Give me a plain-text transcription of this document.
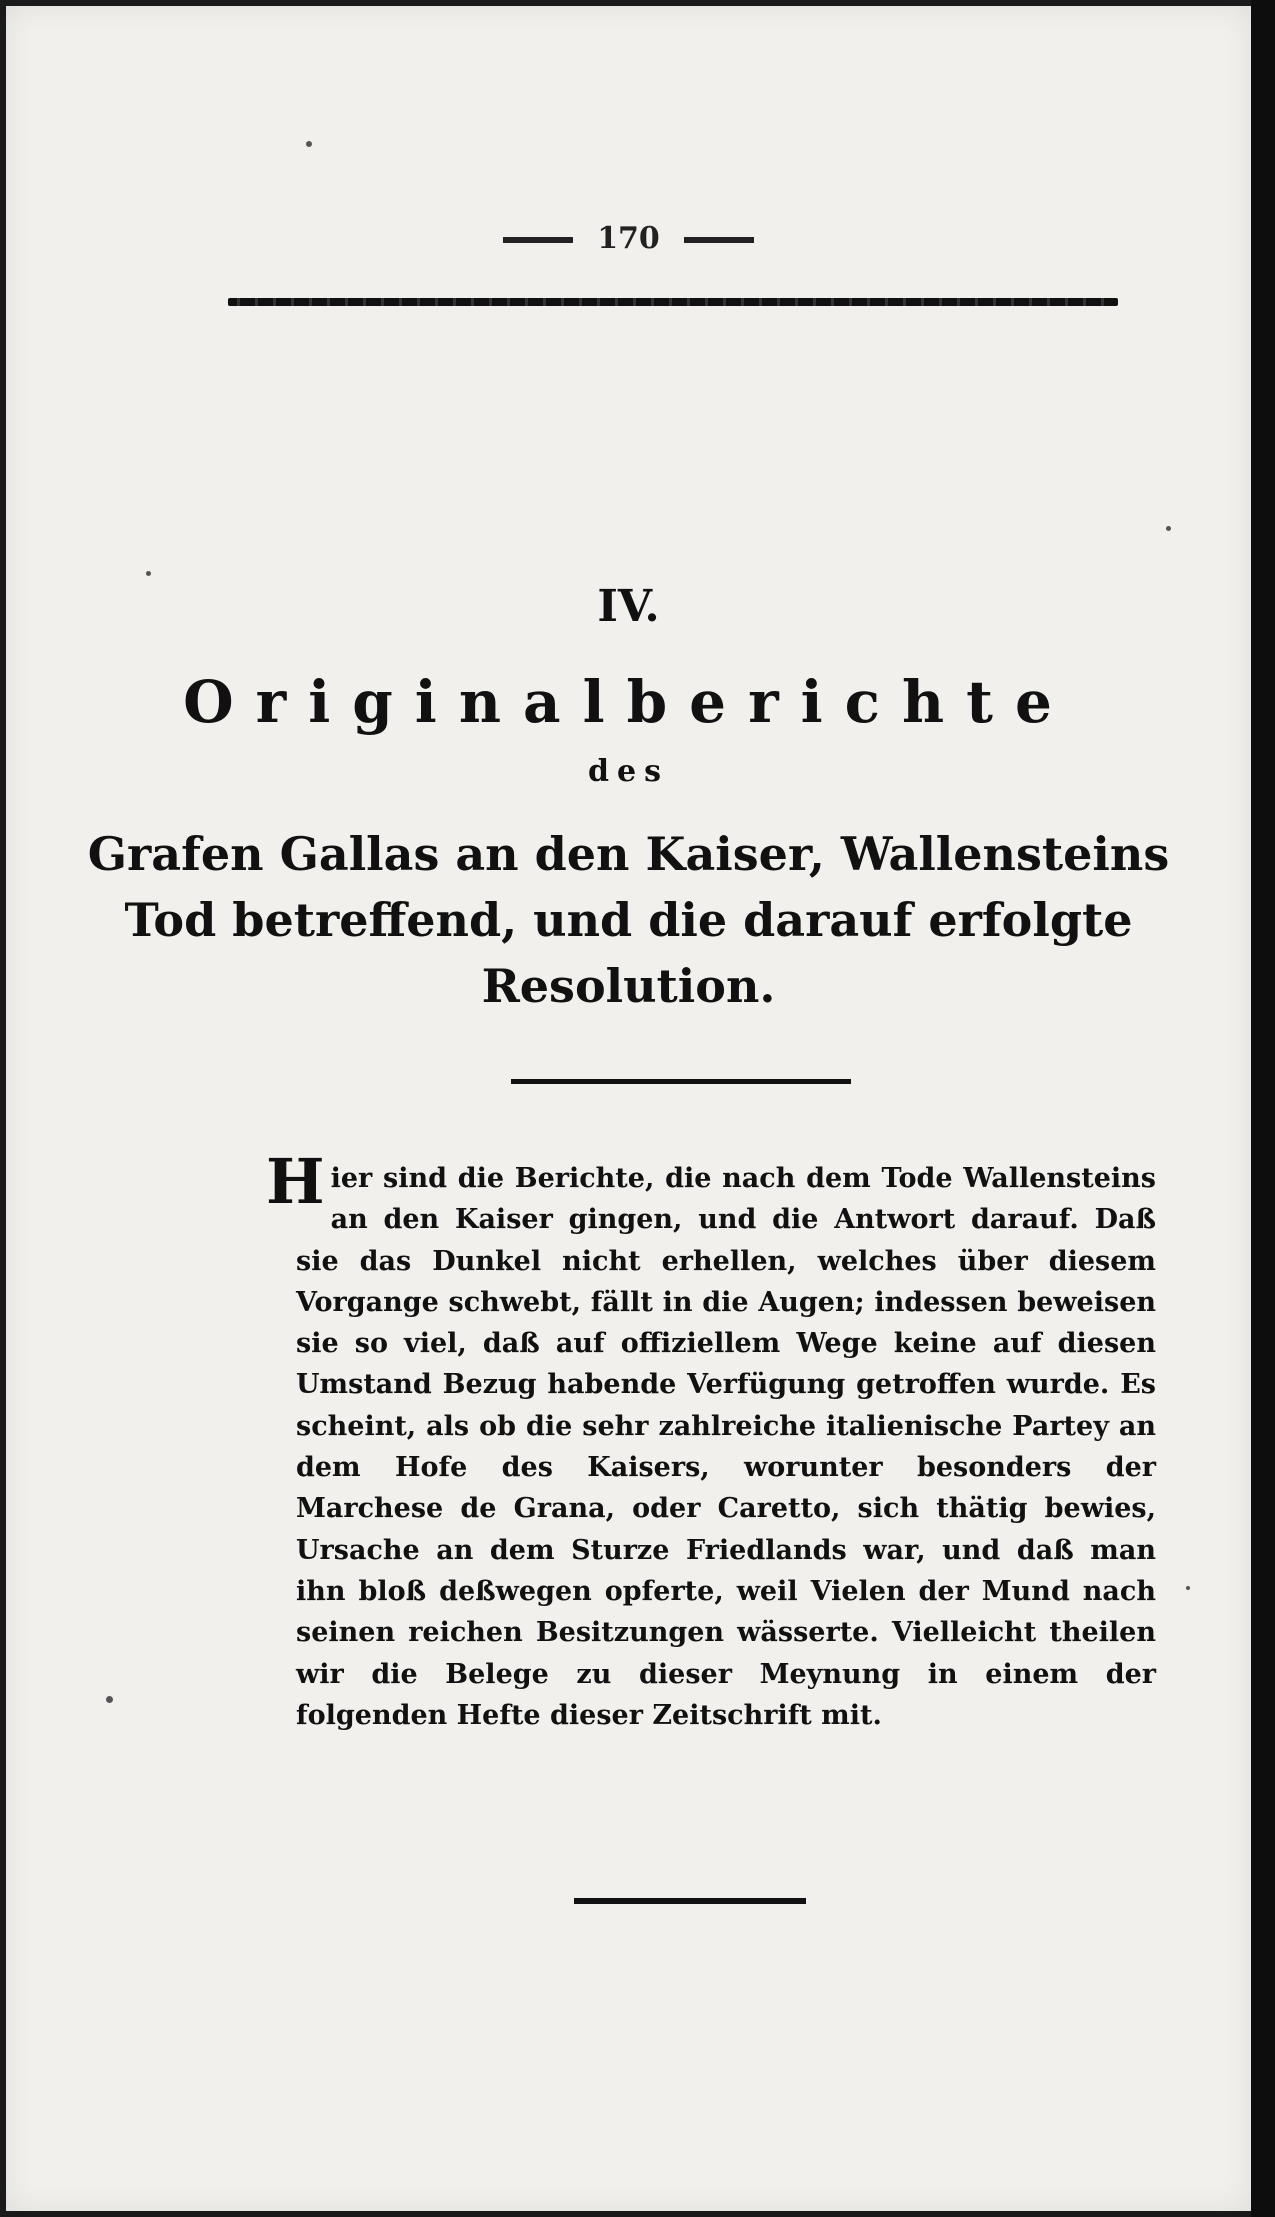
170
IV.
Originalberichte
des
Grafen Gallas an den Kaiser, Wallensteins
Tod betreffend, und die darauf erfolgte
Resolution.
Hier sind die Berichte, die nach dem Tode Wallensteins an den Kaiser gingen, und die Antwort darauf. Daß sie das Dunkel nicht erhellen, welches über diesem Vorgange schwebt, fällt in die Augen; indessen beweisen sie so viel, daß auf offiziellem Wege keine auf diesen Umstand Bezug habende Verfügung getroffen wurde. Es scheint, als ob die sehr zahlreiche italienische Partey an dem Hofe des Kaisers, worunter besonders der Marchese de Grana, oder Caretto, sich thätig bewies, Ursache an dem Sturze Friedlands war, und daß man ihn bloß deßwegen opferte, weil Vielen der Mund nach seinen reichen Besitzungen wässerte. Vielleicht theilen wir die Belege zu dieser Meynung in einem der folgenden Hefte dieser Zeitschrift mit.
